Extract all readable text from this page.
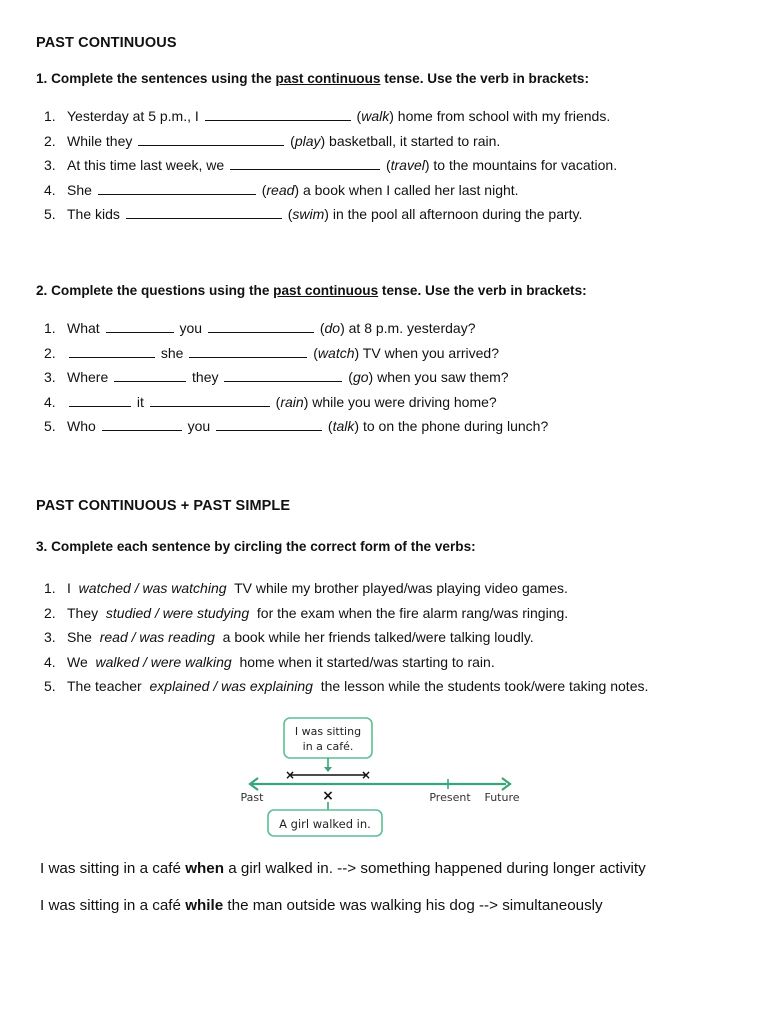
PAST CONTINUOUS
1. Complete the sentences using the past continuous tense. Use the verb in brackets:
1. Yesterday at 5 p.m., I	(walk) home from school with my friends.
2. While they	(play) basketball, it started to rain.
3. At this time last week, we	(travel) to the mountains for vacation.
4. She	(read) a book when I called her last night.
5. The kids	(swim) in the pool all afternoon during the party.
2. Complete the questions using the past continuous tense. Use the verb in brackets:
1. What	you	(do) at 8 p.m. yesterday?
2.	she	(watch) TV when you arrived?
3. Where	they	(go) when you saw them?
4.	it	(rain) while you were driving home?
5. Who	you	(talk) to on the phone during lunch?
PAST CONTINUOUS + PAST SIMPLE
3. Complete each sentence by circling the correct form of the verbs:
1. I watched / was watching TV while my brother played/was playing video games.
2. They studied / were studying for the exam when the fire alarm rang/was ringing.
3. She read / was reading a book while her friends talked/were talking loudly.
4. We walked / were walking home when it started/was starting to rain.
5. The teacher explained / was explaining the lesson while the students took/were taking notes.
I was sitting
in a café.
×	×
Past	Present Future
×
A girl walked in.
I was sitting in a café when a girl walked in. --> something happened during longer activity
I was sitting in a café while the man outside was walking his dog --> simultaneously
